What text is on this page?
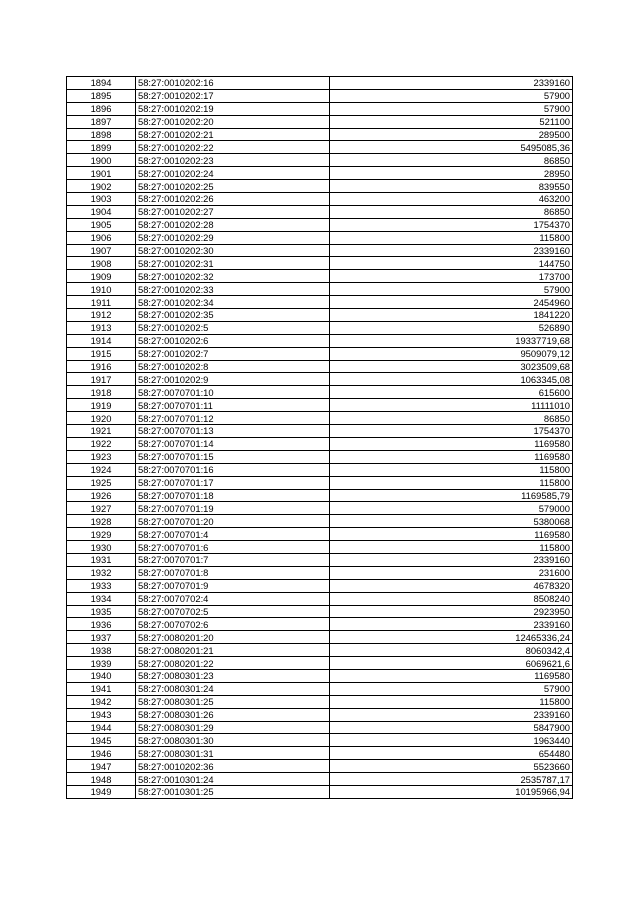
1894	58:27:0010202:16	2339160
1895	58:27:0010202:17	57900
1896	58:27:0010202:19	57900
1897	58:27:0010202:20	521100
1898	58:27:0010202:21	289500
1899	58:27:0010202:22	5495085,36
1900	58:27:0010202:23	86850
1901	58:27:0010202:24	28950
1902	58:27:0010202:25	839550
1903	58:27:0010202:26	463200
1904	58:27:0010202:27	86850
1905	58:27:0010202:28	1754370
1906	58:27:0010202:29	115800
1907	58:27:0010202:30	2339160
1908	58:27:0010202:31	144750
1909	58:27:0010202:32	173700
1910	58:27:0010202:33	57900
1911	58:27:0010202:34	2454960
1912	58:27:0010202:35	1841220
1913	58:27:0010202:5	526890
1914	58:27:0010202:6	19337719,68
1915	58:27:0010202:7	9509079,12
1916	58:27:0010202:8	3023509,68
1917	58:27:0010202:9	1063345,08
1918	58:27:0070701:10	615600
1919	58:27:0070701:11	11111010
1920	58:27:0070701:12	86850
1921	58:27:0070701:13	1754370
1922	58:27:0070701:14	1169580
1923	58:27:0070701:15	1169580
1924	58:27:0070701:16	115800
1925	58:27:0070701:17	115800
1926	58:27:0070701:18	1169585,79
1927	58:27:0070701:19	579000
1928	58:27:0070701:20	5380068
1929	58:27:0070701:4	1169580
1930	58:27:0070701:6	115800
1931	58:27:0070701:7	2339160
1932	58:27:0070701:8	231600
1933	58:27:0070701:9	4678320
1934	58:27:0070702:4	8508240
1935	58:27:0070702:5	2923950
1936	58:27:0070702:6	2339160
1937	58:27:0080201:20	12465336,24
1938	58:27:0080201:21	8060342,4
1939	58:27:0080201:22	6069621,6
1940	58:27:0080301:23	1169580
1941	58:27:0080301:24	57900
1942	58:27:0080301:25	115800
1943	58:27:0080301:26	2339160
1944	58:27:0080301:29	5847900
1945	58:27:0080301:30	1963440
1946	58:27:0080301:31	654480
1947	58:27:0010202:36	5523660
1948	58:27:0010301:24	2535787,17
1949	58:27:0010301:25	10195966,94
